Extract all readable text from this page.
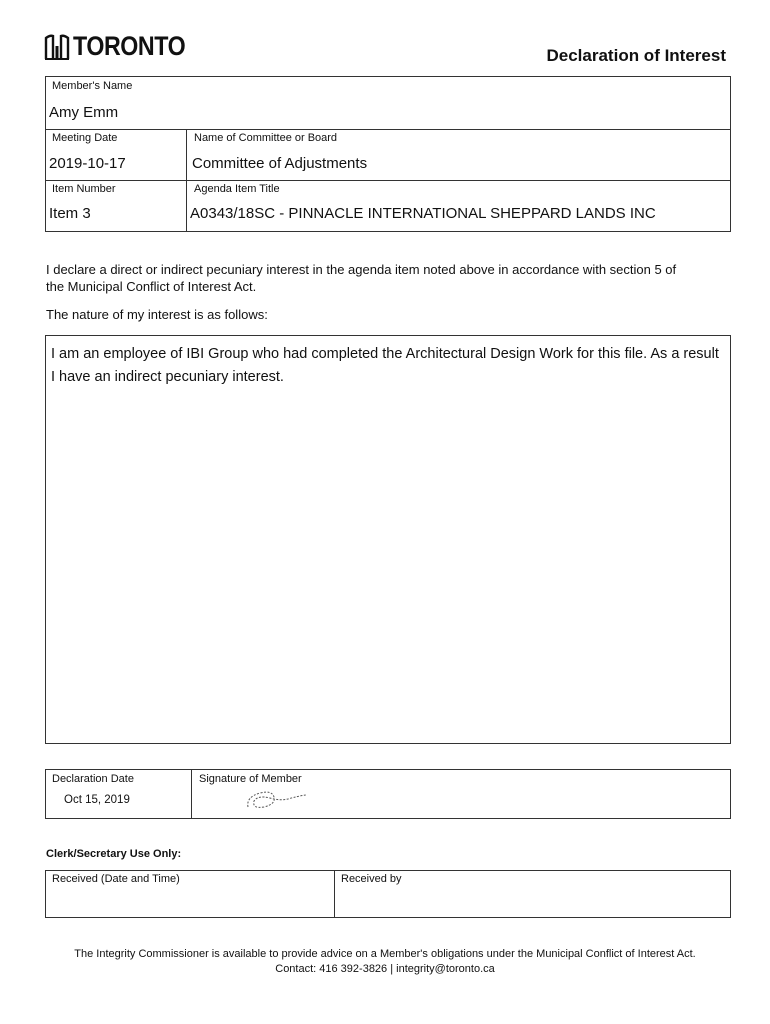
TORONTO	Declaration of Interest
Member's Name
Amy Emm
Meeting Date
2019-10-17
Name of Committee or Board
Committee of Adjustments
Item Number
Item 3
Agenda Item Title
A0343/18SC - PINNACLE INTERNATIONAL SHEPPARD LANDS INC
I declare a direct or indirect pecuniary interest in the agenda item noted above in accordance with section 5 of
the Municipal Conflict of Interest Act.
The nature of my interest is as follows:
I am an employee of IBI Group who had completed the Architectural Design Work for this file. As a result I have an indirect pecuniary interest.
Declaration Date
Oct 15, 2019
Signature of Member
Clerk/Secretary Use Only:
Received (Date and Time)	Received by
The Integrity Commissioner is available to provide advice on a Member's obligations under the Municipal Conflict of Interest Act.
Contact: 416 392-3826 | integrity@toronto.ca
